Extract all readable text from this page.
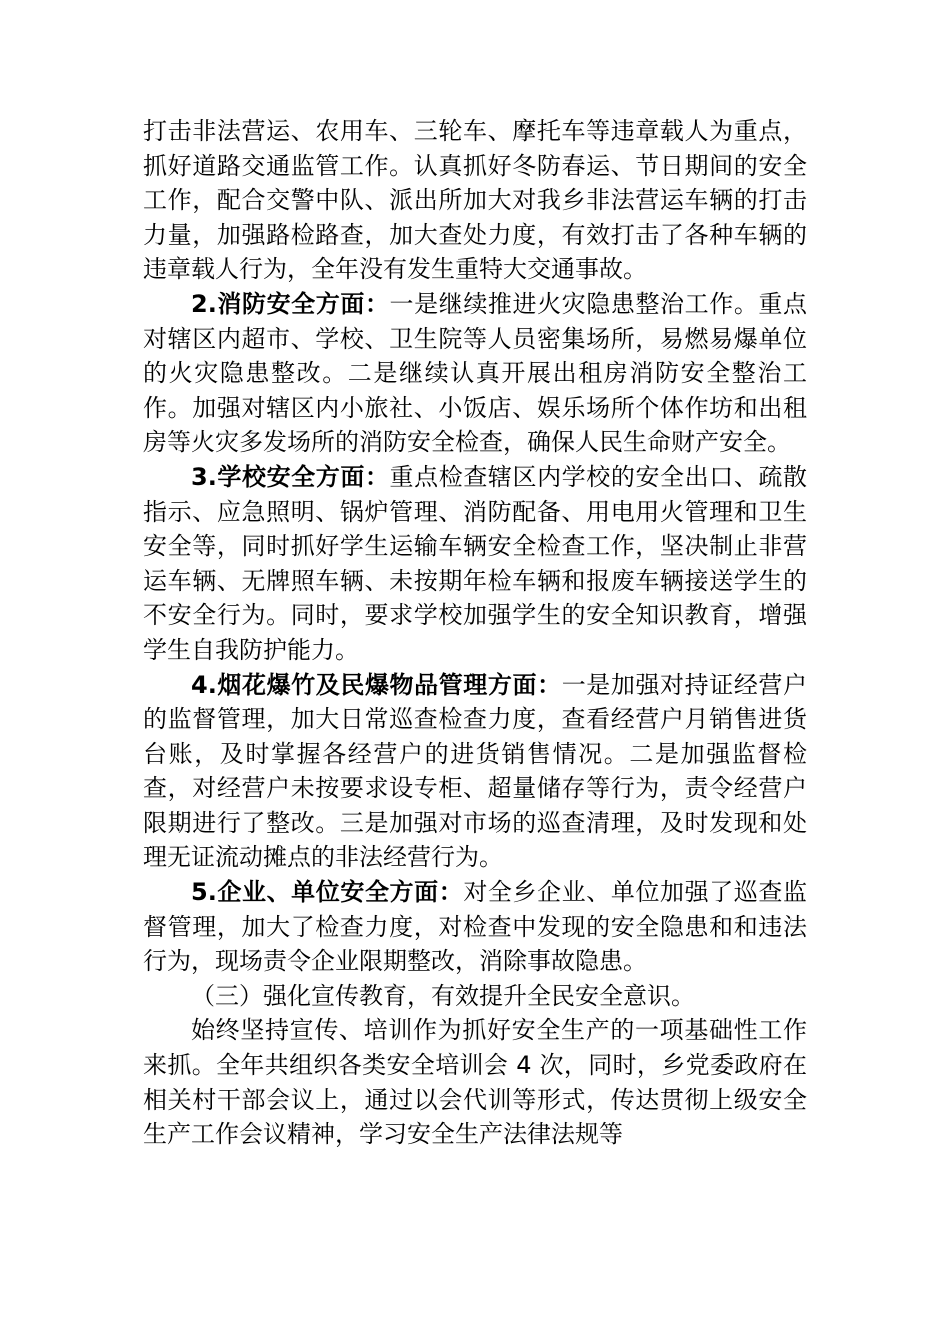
打击非法营运、农用车、三轮车、摩托车等违章载人为重点，抓好道路交通监管工作。认真抓好冬防春运、节日期间的安全工作，配合交警中队、派出所加大对我乡非法营运车辆的打击力量，加强路检路查，加大查处力度，有效打击了各种车辆的违章载人行为，全年没有发生重特大交通事故。

2.消防安全方面：一是继续推进火灾隐患整治工作。重点对辖区内超市、学校、卫生院等人员密集场所，易燃易爆单位的火灾隐患整改。二是继续认真开展出租房消防安全整治工作。加强对辖区内小旅社、小饭店、娱乐场所个体作坊和出租房等火灾多发场所的消防安全检查，确保人民生命财产安全。

3.学校安全方面：重点检查辖区内学校的安全出口、疏散指示、应急照明、锅炉管理、消防配备、用电用火管理和卫生安全等，同时抓好学生运输车辆安全检查工作，坚决制止非营运车辆、无牌照车辆、未按期年检车辆和报废车辆接送学生的不安全行为。同时，要求学校加强学生的安全知识教育，增强学生自我防护能力。

4.烟花爆竹及民爆物品管理方面：一是加强对持证经营户的监督管理，加大日常巡查检查力度，查看经营户月销售进货台账，及时掌握各经营户的进货销售情况。二是加强监督检查，对经营户未按要求设专柜、超量储存等行为，责令经营户限期进行了整改。三是加强对市场的巡查清理，及时发现和处理无证流动摊点的非法经营行为。

5.企业、单位安全方面：对全乡企业、单位加强了巡查监督管理，加大了检查力度，对检查中发现的安全隐患和和违法行为，现场责令企业限期整改，消除事故隐患。

（三）强化宣传教育，有效提升全民安全意识。

始终坚持宣传、培训作为抓好安全生产的一项基础性工作来抓。全年共组织各类安全培训会 4 次，同时，乡党委政府在相关村干部会议上，通过以会代训等形式，传达贯彻上级安全生产工作会议精神，学习安全生产法律法规等
